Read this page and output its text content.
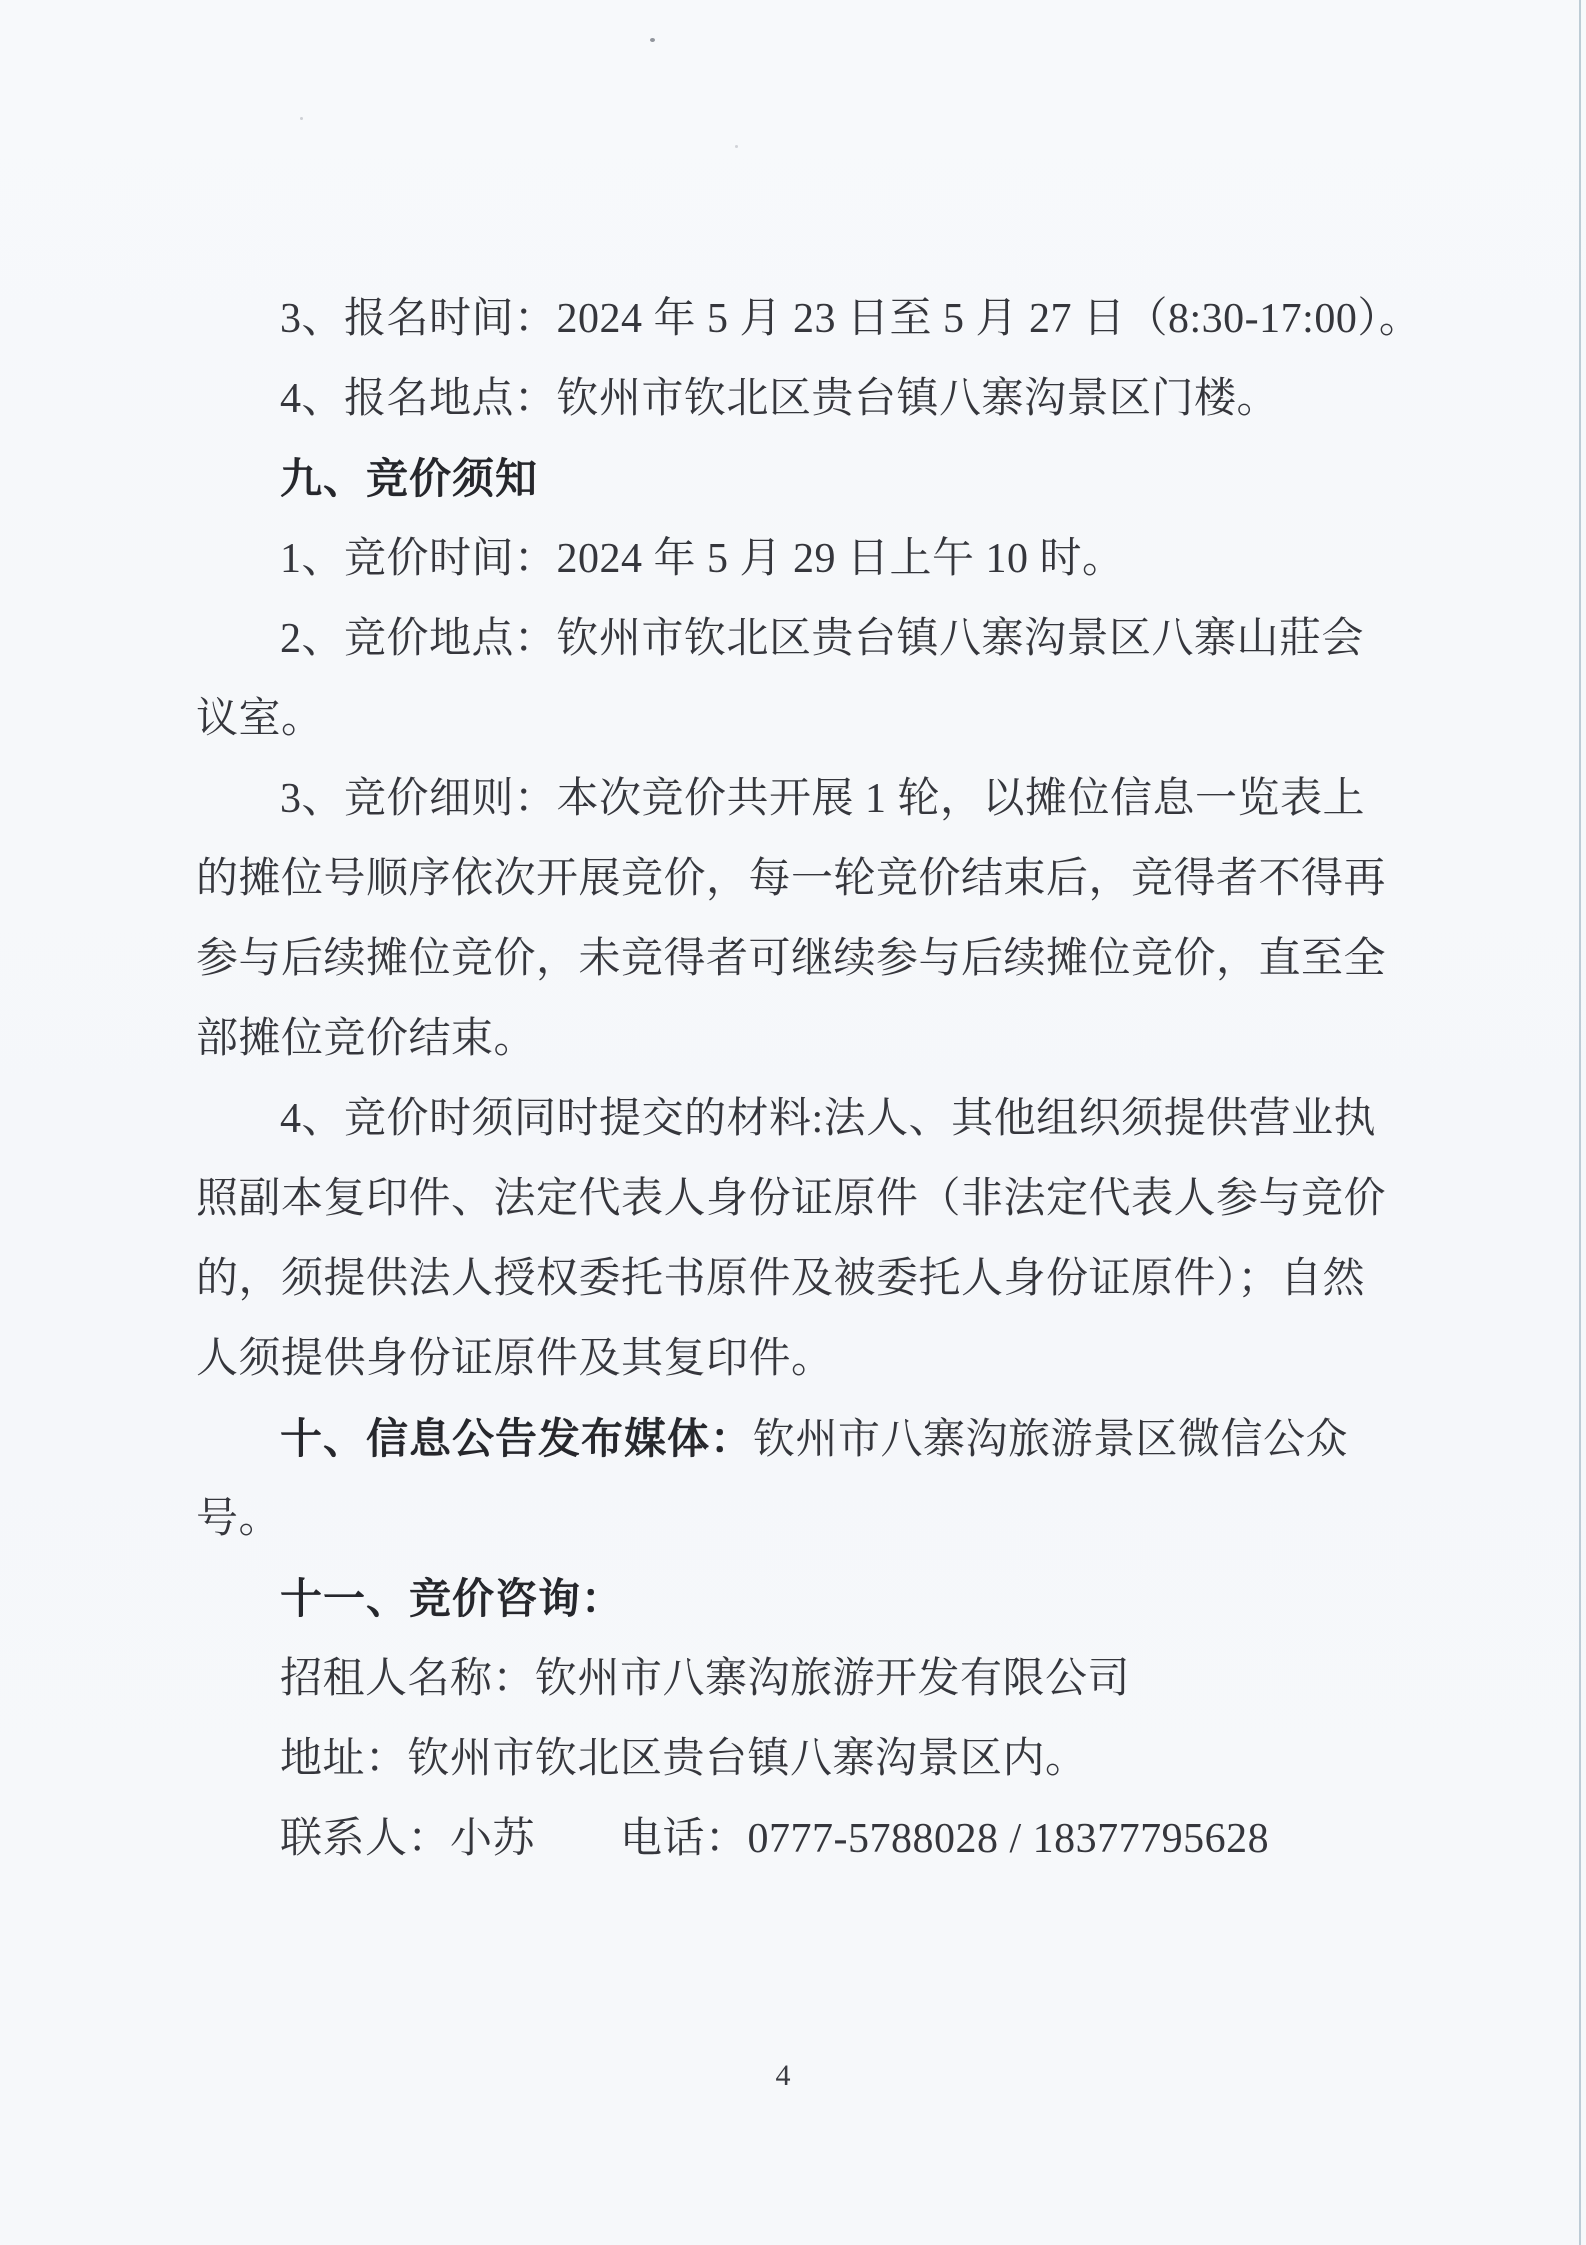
3、报名时间：2024 年 5 月 23 日至 5 月 27 日（8:30-17:00）。

4、报名地点：钦州市钦北区贵台镇八寨沟景区门楼。

九、竞价须知

1、竞价时间：2024 年 5 月 29 日上午 10 时。

2、竞价地点：钦州市钦北区贵台镇八寨沟景区八寨山莊会

议室。

3、竞价细则：本次竞价共开展 1 轮，以摊位信息一览表上

的摊位号顺序依次开展竞价，每一轮竞价结束后，竞得者不得再

参与后续摊位竞价，未竞得者可继续参与后续摊位竞价，直至全

部摊位竞价结束。

4、竞价时须同时提交的材料:法人、其他组织须提供营业执

照副本复印件、法定代表人身份证原件（非法定代表人参与竞价

的，须提供法人授权委托书原件及被委托人身份证原件）；自然

人须提供身份证原件及其复印件。

十、信息公告发布媒体：钦州市八寨沟旅游景区微信公众

号。

十一、竞价咨询：

招租人名称：钦州市八寨沟旅游开发有限公司

地址：钦州市钦北区贵台镇八寨沟景区内。

联系人：小苏　　电话：0777-5788028 / 18377795628

4
